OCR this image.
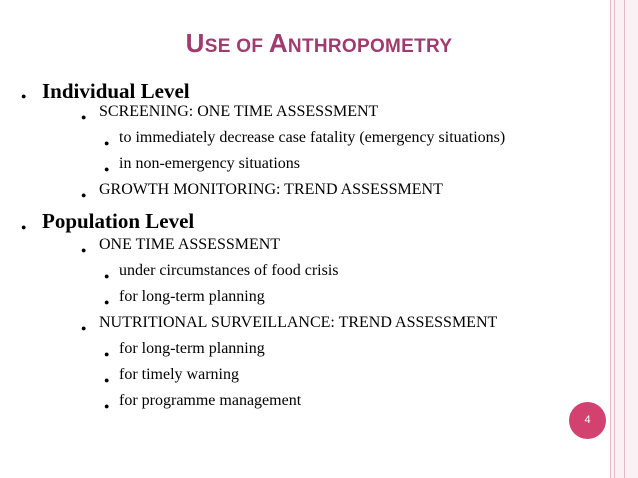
USE OF ANTHROPOMETRY
● Individual Level
● SCREENING: ONE TIME ASSESSMENT
● to immediately decrease case fatality (emergency situations)
● in non-emergency situations
● GROWTH MONITORING: TREND ASSESSMENT
● Population Level
● ONE TIME ASSESSMENT
● under circumstances of food crisis
● for long-term planning
● NUTRITIONAL SURVEILLANCE: TREND ASSESSMENT
● for long-term planning
● for timely warning
● for programme management
4
